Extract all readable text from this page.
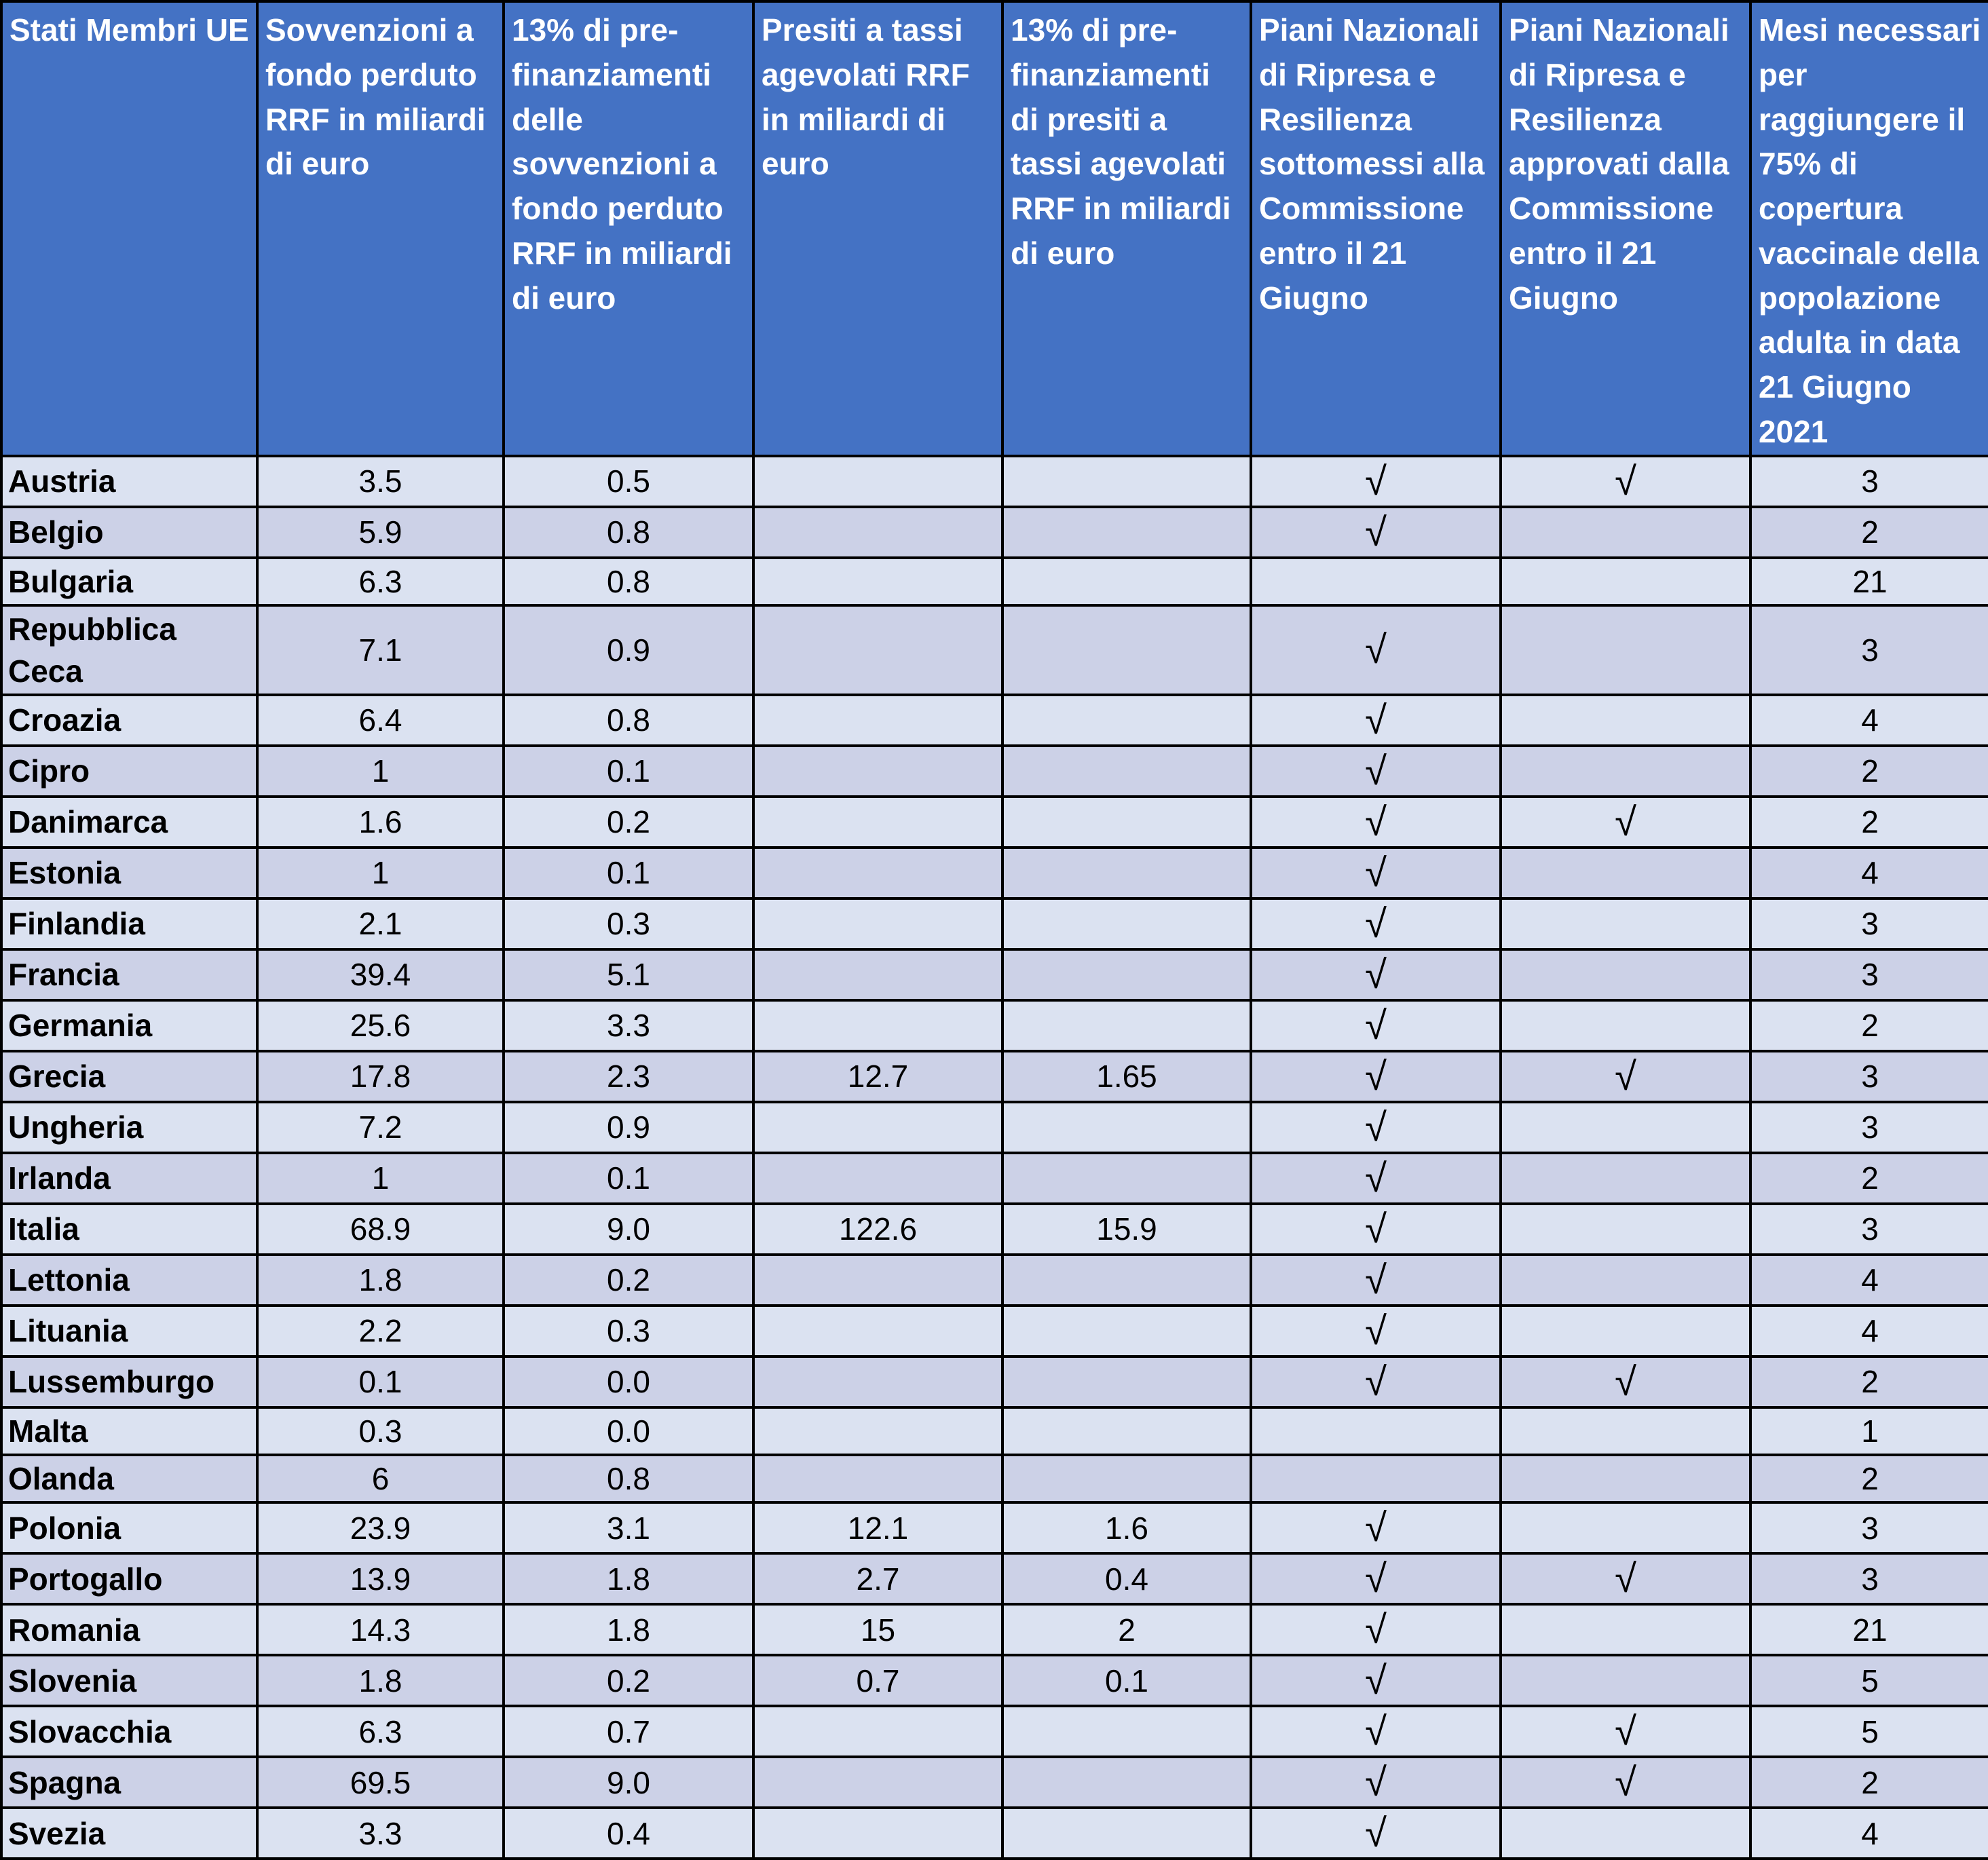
Stati Membri UE	Sovvenzioni a fondo perduto RRF in miliardi di euro	13% di pre-finanziamenti delle sovvenzioni a fondo perduto RRF in miliardi di euro	Presiti a tassi agevolati RRF in miliardi di euro	13% di pre-finanziamenti di presiti a tassi agevolati RRF in miliardi di euro	Piani Nazionali di Ripresa e Resilienza sottomessi alla Commissione entro il 21 Giugno	Piani Nazionali di Ripresa e Resilienza approvati dalla Commissione entro il 21 Giugno	Mesi necessari per raggiungere il 75% di copertura vaccinale della popolazione adulta in data 21 Giugno 2021
Austria	3.5	0.5			√	√	3
Belgio	5.9	0.8			√		2
Bulgaria	6.3	0.8					21
Repubblica Ceca	7.1	0.9			√		3
Croazia	6.4	0.8			√		4
Cipro	1	0.1			√		2
Danimarca	1.6	0.2			√	√	2
Estonia	1	0.1			√		4
Finlandia	2.1	0.3			√		3
Francia	39.4	5.1			√		3
Germania	25.6	3.3			√		2
Grecia	17.8	2.3	12.7	1.65	√	√	3
Ungheria	7.2	0.9			√		3
Irlanda	1	0.1			√		2
Italia	68.9	9.0	122.6	15.9	√		3
Lettonia	1.8	0.2			√		4
Lituania	2.2	0.3			√		4
Lussemburgo	0.1	0.0			√	√	2
Malta	0.3	0.0					1
Olanda	6	0.8					2
Polonia	23.9	3.1	12.1	1.6	√		3
Portogallo	13.9	1.8	2.7	0.4	√	√	3
Romania	14.3	1.8	15	2	√		21
Slovenia	1.8	0.2	0.7	0.1	√		5
Slovacchia	6.3	0.7			√	√	5
Spagna	69.5	9.0			√	√	2
Svezia	3.3	0.4			√		4
